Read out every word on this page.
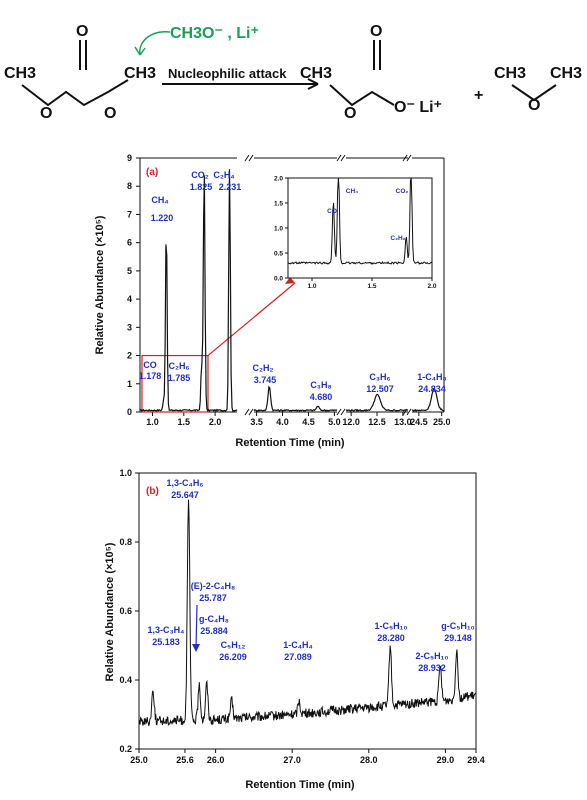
CH3	CH3
O
O	O
CH3O⁻ , Li⁺
Nucleophilic attack CH3
O
O O⁻ Li⁺
+
CH3 CH3
O
(a)
Retention Time (min)
Relative Abundance (×10⁵)
0
1
2
3
4
5
6
7
8
9
1.0 1.5 2.0	3.5 4.0 4.5 5.0 12.0 12.5 13.0
24.5 25.0
CO
1.178
CH₄
1.220
C₂H₆
1.785
CO₂
1.825
C₂H₄
2.231
C₂H₂
3.745	C₃H₈
4.680
C₃H₆
12.507
1-C₄H₈
24.834
0.0
0.5
1.0
1.5
2.0
1.0	1.5	2.0
CO
CH₄
C₂H₆
CO₂
(b)
Retention Time (min)
Relative Abundance (×10⁵)
0.2
0.4
0.6
0.8
1.0
25.0	25.6 26.0	27.0	28.0	29.0 29.4
1,3-C₃H₄
25.183
1,3-C₄H₆
25.647
(E)-2-C₄H₈
25.787
g-C₄H₈
25.884
C₅H₁₂
26.209
1-C₄H₄
27.089
1-C₅H₁₀
28.280
2-C₅H₁₀
28.932
g-C₅H₁₀
29.148
